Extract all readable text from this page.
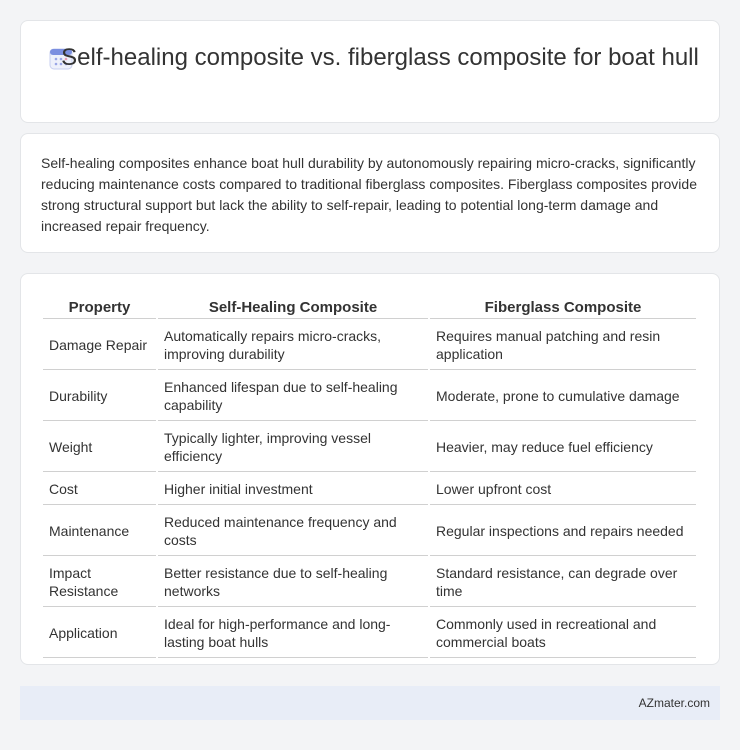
Self-healing composite vs. fiberglass composite for boat hull

Self-healing composites enhance boat hull durability by autonomously repairing micro-cracks, significantly reducing maintenance costs compared to traditional fiberglass composites. Fiberglass composites provide strong structural support but lack the ability to self-repair, leading to potential long-term damage and increased repair frequency.

Property	Self-Healing Composite	Fiberglass Composite
Damage Repair	Automatically repairs micro-cracks, improving durability	Requires manual patching and resin application
Durability	Enhanced lifespan due to self-healing capability	Moderate, prone to cumulative damage
Weight	Typically lighter, improving vessel efficiency	Heavier, may reduce fuel efficiency
Cost	Higher initial investment	Lower upfront cost
Maintenance	Reduced maintenance frequency and costs	Regular inspections and repairs needed
Impact Resistance	Better resistance due to self-healing networks	Standard resistance, can degrade over time
Application	Ideal for high-performance and long-lasting boat hulls	Commonly used in recreational and commercial boats
AZmater.com
